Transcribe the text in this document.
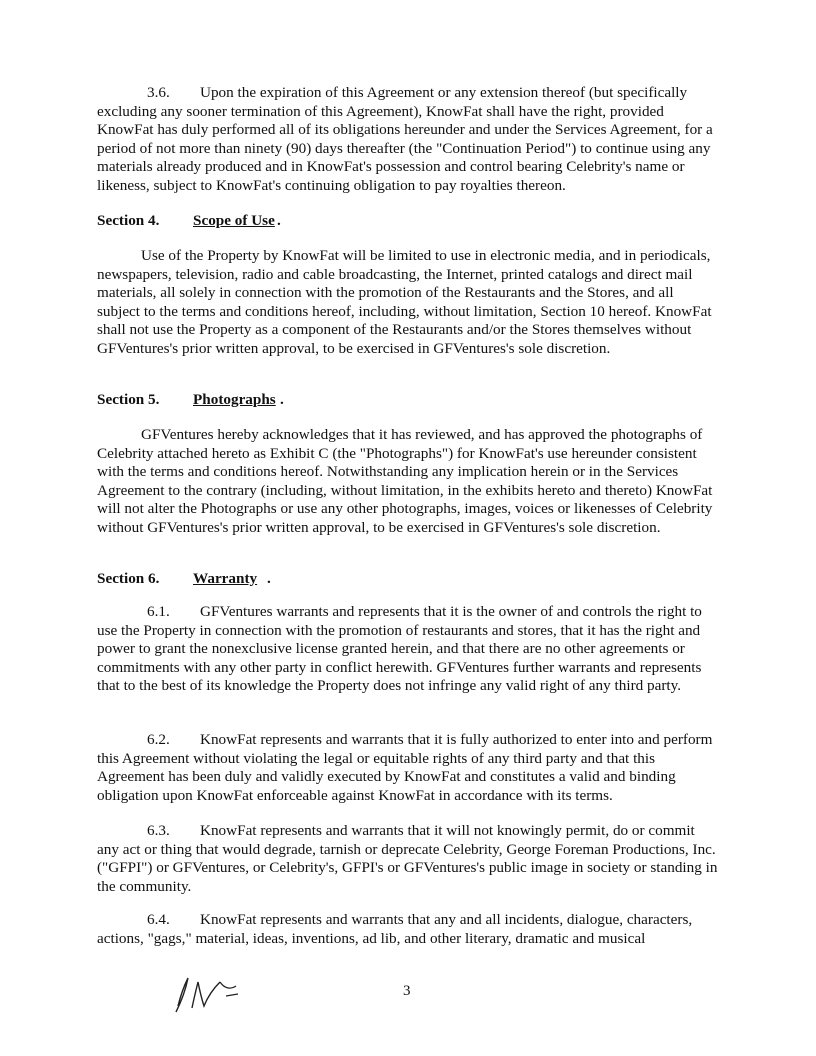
3.6. Upon the expiration of this Agreement or any extension thereof (but specifically excluding any sooner termination of this Agreement), KnowFat shall have the right, provided KnowFat has duly performed all of its obligations hereunder and under the Services Agreement, for a period of not more than ninety (90) days thereafter (the "Continuation Period") to continue using any materials already produced and in KnowFat's possession and control bearing Celebrity's name or likeness, subject to KnowFat's continuing obligation to pay royalties thereon.

Section 4. Scope of Use .

Use of the Property by KnowFat will be limited to use in electronic media, and in periodicals, newspapers, television, radio and cable broadcasting, the Internet, printed catalogs and direct mail materials, all solely in connection with the promotion of the Restaurants and the Stores, and all subject to the terms and conditions hereof, including, without limitation, Section 10 hereof. KnowFat shall not use the Property as a component of the Restaurants and/or the Stores themselves without GFVentures's prior written approval, to be exercised in GFVentures's sole discretion.

Section 5. Photographs .

GFVentures hereby acknowledges that it has reviewed, and has approved the photographs of Celebrity attached hereto as Exhibit C (the "Photographs") for KnowFat's use hereunder consistent with the terms and conditions hereof. Notwithstanding any implication herein or in the Services Agreement to the contrary (including, without limitation, in the exhibits hereto and thereto) KnowFat will not alter the Photographs or use any other photographs, images, voices or likenesses of Celebrity without GFVentures's prior written approval, to be exercised in GFVentures's sole discretion.

Section 6. Warranty .

6.1. GFVentures warrants and represents that it is the owner of and controls the right to use the Property in connection with the promotion of restaurants and stores, that it has the right and power to grant the nonexclusive license granted herein, and that there are no other agreements or commitments with any other party in conflict herewith. GFVentures further warrants and represents that to the best of its knowledge the Property does not infringe any valid right of any third party.

6.2. KnowFat represents and warrants that it is fully authorized to enter into and perform this Agreement without violating the legal or equitable rights of any third party and that this Agreement has been duly and validly executed by KnowFat and constitutes a valid and binding obligation upon KnowFat enforceable against KnowFat in accordance with its terms.

6.3. KnowFat represents and warrants that it will not knowingly permit, do or commit any act or thing that would degrade, tarnish or deprecate Celebrity, George Foreman Productions, Inc. ("GFPI") or GFVentures, or Celebrity's, GFPI's or GFVentures's public image in society or standing in the community.

6.4. KnowFat represents and warrants that any and all incidents, dialogue, characters, actions, "gags," material, ideas, inventions, ad lib, and other literary, dramatic and musical

3
